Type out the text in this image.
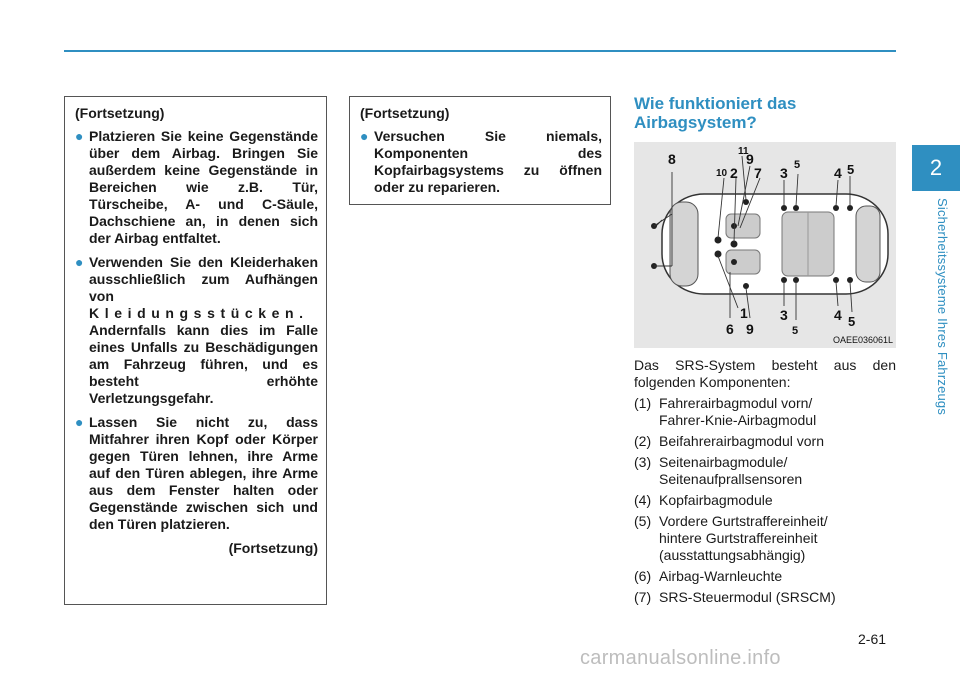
2
Sicherheitssysteme Ihres Fahrzeugs
(Fortsetzung)
● Platzieren Sie keine Gegenstände über dem Airbag. Bringen Sie außerdem keine Gegenstände in Bereichen wie z.B. Tür, Türscheibe, A- und C-Säule, Dachschiene an, in denen sich der Airbag entfaltet.
● Verwenden Sie den Kleiderhaken ausschließlich zum Aufhängen von Kleidungsstücken. Andernfalls kann dies im Falle eines Unfalls zu Beschädigungen am Fahrzeug führen, und es besteht erhöhte Verletzungsgefahr.
● Lassen Sie nicht zu, dass Mitfahrer ihren Kopf oder Körper gegen Türen lehnen, ihre Arme auf den Türen ablegen, ihre Arme aus dem Fenster halten oder Gegenstände zwischen sich und den Türen platzieren.
(Fortsetzung)
(Fortsetzung)
● Versuchen Sie niemals, Komponenten des Kopfairbagsystems zu öffnen oder zu reparieren.
Wie funktioniert das Airbagsystem?
8	11
9
10 2 7 3 5 4 5
1
6 9
3
5
4 5
OAEE036061L
Das SRS-System besteht aus den folgenden Komponenten:
(1) Fahrerairbagmodul vorn/
Fahrer-Knie-Airbagmodul
(2) Beifahrerairbagmodul vorn
(3) Seitenairbagmodule/
Seitenaufprallsensoren
(4) Kopfairbagmodule
(5) Vordere Gurtstraffereinheit/
hintere Gurtstraffereinheit
(ausstattungsabhängig)
(6) Airbag-Warnleuchte
(7) SRS-Steuermodul (SRSCM)
2-61
carmanualsonline.info
